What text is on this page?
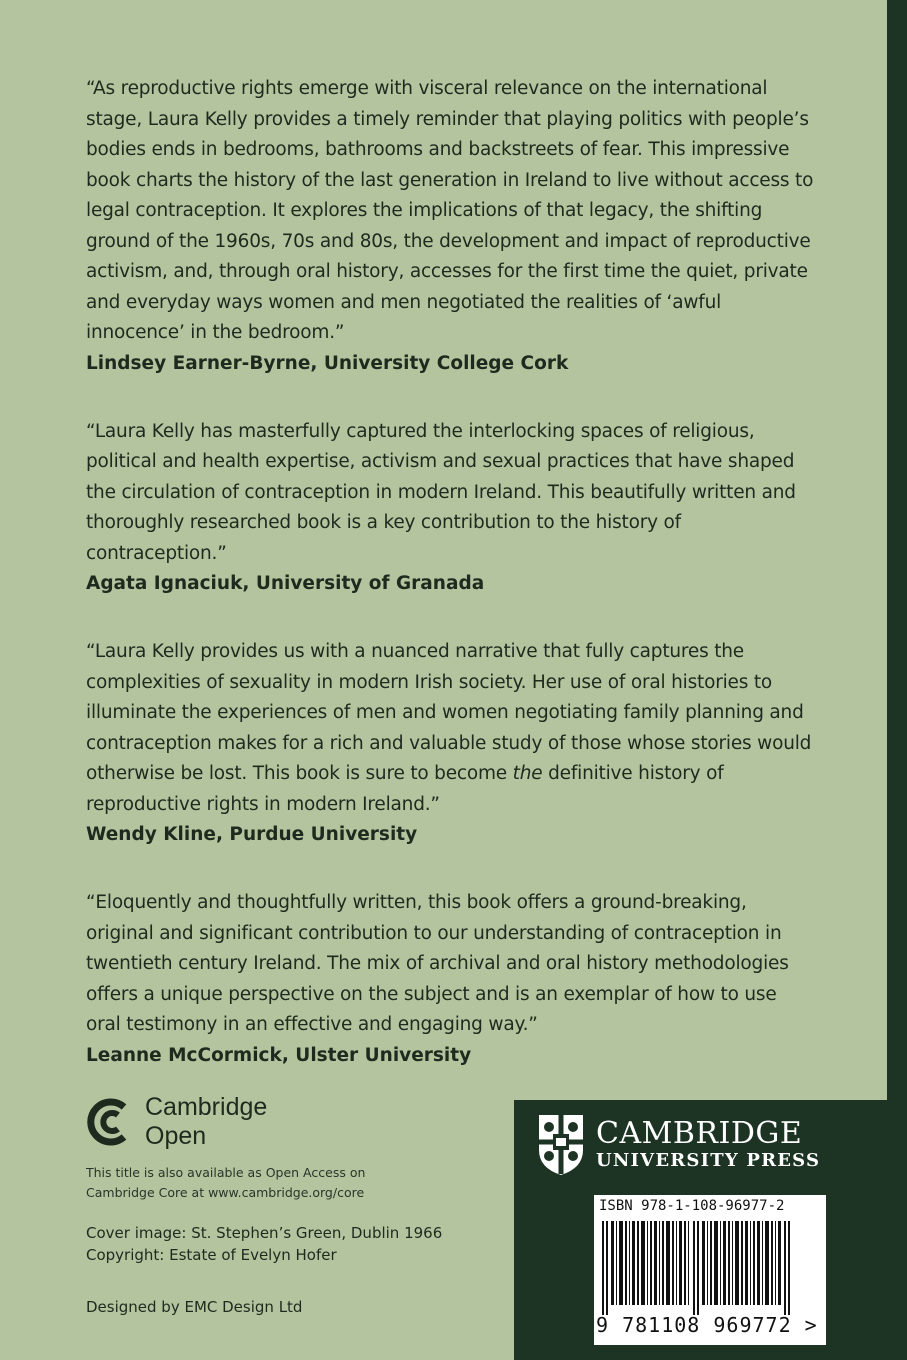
“As reproductive rights emerge with visceral relevance on the international stage, Laura Kelly provides a timely reminder that playing politics with people’s bodies ends in bedrooms, bathrooms and backstreets of fear. This impressive book charts the history of the last generation in Ireland to live without access to legal contraception. It explores the implications of that legacy, the shifting ground of the 1960s, 70s and 80s, the development and impact of reproductive activism, and, through oral history, accesses for the first time the quiet, private and everyday ways women and men negotiated the realities of ‘awful innocence’ in the bedroom.”

Lindsey Earner-Byrne, University College Cork

“Laura Kelly has masterfully captured the interlocking spaces of religious, political and health expertise, activism and sexual practices that have shaped the circulation of contraception in modern Ireland. This beautifully written and thoroughly researched book is a key contribution to the history of contraception.”

Agata Ignaciuk, University of Granada

“Laura Kelly provides us with a nuanced narrative that fully captures the complexities of sexuality in modern Irish society. Her use of oral histories to illuminate the experiences of men and women negotiating family planning and contraception makes for a rich and valuable study of those whose stories would otherwise be lost. This book is sure to become the definitive history of reproductive rights in modern Ireland.”

Wendy Kline, Purdue University

“Eloquently and thoughtfully written, this book offers a ground-breaking, original and significant contribution to our understanding of contraception in twentieth century Ireland. The mix of archival and oral history methodologies offers a unique perspective on the subject and is an exemplar of how to use oral testimony in an effective and engaging way.”

Leanne McCormick, Ulster University

Cambridge
Open
This title is also available as Open Access on
Cambridge Core at www.cambridge.org/core
Cover image: St. Stephen’s Green, Dublin 1966
Copyright: Estate of Evelyn Hofer
Designed by EMC Design Ltd
CAMBRIDGE
UNIVERSITY PRESS
ISBN 978-1-108-96977-2
9 781108 969772 >
